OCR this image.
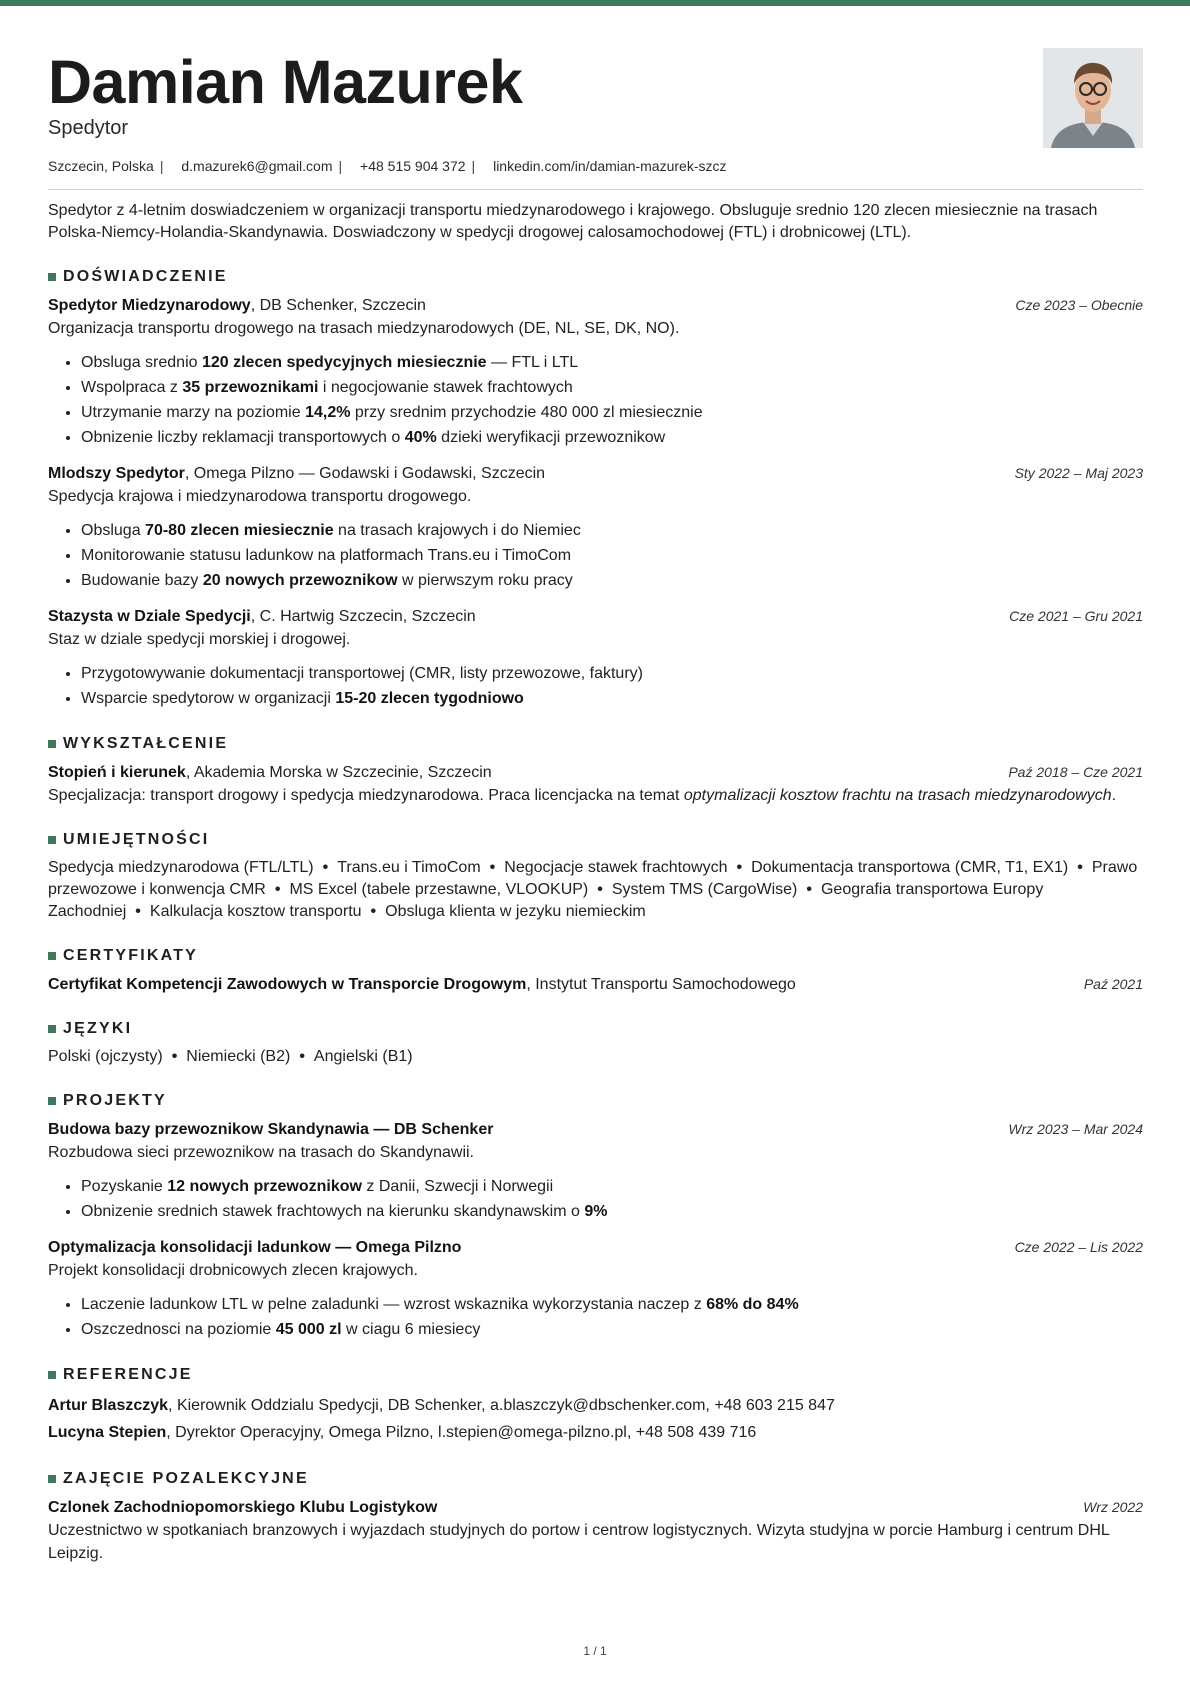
Damian Mazurek
Spedytor
Szczecin, Polska | d.mazurek6@gmail.com | +48 515 904 372 | linkedin.com/in/damian-mazurek-szcz
Spedytor z 4-letnim doswiadczeniem w organizacji transportu miedzynarodowego i krajowego. Obsluguje srednio 120 zlecen miesiecznie na trasach Polska-Niemcy-Holandia-Skandynawia. Doswiadczony w spedycji drogowej calosamochodowej (FTL) i drobnicowej (LTL).
DOŚWIADCZENIE
Spedytor Miedzynarodowy, DB Schenker, Szczecin	Cze 2023 – Obecnie
Organizacja transportu drogowego na trasach miedzynarodowych (DE, NL, SE, DK, NO).
• Obsluga srednio 120 zlecen spedycyjnych miesiecznie — FTL i LTL
• Wspolpraca z 35 przewoznikami i negocjowanie stawek frachtowych
• Utrzymanie marzy na poziomie 14,2% przy srednim przychodzie 480 000 zl miesiecznie
• Obnizenie liczby reklamacji transportowych o 40% dzieki weryfikacji przewoznikow
Mlodszy Spedytor, Omega Pilzno — Godawski i Godawski, Szczecin	Sty 2022 – Maj 2023
Spedycja krajowa i miedzynarodowa transportu drogowego.
• Obsluga 70-80 zlecen miesiecznie na trasach krajowych i do Niemiec
• Monitorowanie statusu ladunkow na platformach Trans.eu i TimoCom
• Budowanie bazy 20 nowych przewoznikow w pierwszym roku pracy
Stazysta w Dziale Spedycji, C. Hartwig Szczecin, Szczecin	Cze 2021 – Gru 2021
Staz w dziale spedycji morskiej i drogowej.
• Przygotowywanie dokumentacji transportowej (CMR, listy przewozowe, faktury)
• Wsparcie spedytorow w organizacji 15-20 zlecen tygodniowo
WYKSZTAŁCENIE
Stopień i kierunek, Akademia Morska w Szczecinie, Szczecin	Paź 2018 – Cze 2021
Specjalizacja: transport drogowy i spedycja miedzynarodowa. Praca licencjacka na temat optymalizacji kosztow frachtu na trasach miedzynarodowych.
UMIEJĘTNOŚCI
Spedycja miedzynarodowa (FTL/LTL) • Trans.eu i TimoCom • Negocjacje stawek frachtowych • Dokumentacja transportowa (CMR, T1, EX1) • Prawo przewozowe i konwencja CMR • MS Excel (tabele przestawne, VLOOKUP) • System TMS (CargoWise) • Geografia transportowa Europy Zachodniej • Kalkulacja kosztow transportu • Obsluga klienta w jezyku niemieckim
CERTYFIKATY
Certyfikat Kompetencji Zawodowych w Transporcie Drogowym, Instytut Transportu Samochodowego	Paź 2021
JĘZYKI
Polski (ojczysty) • Niemiecki (B2) • Angielski (B1)
PROJEKTY
Budowa bazy przewoznikow Skandynawia — DB Schenker	Wrz 2023 – Mar 2024
Rozbudowa sieci przewoznikow na trasach do Skandynawii.
• Pozyskanie 12 nowych przewoznikow z Danii, Szwecji i Norwegii
• Obnizenie srednich stawek frachtowych na kierunku skandynawskim o 9%
Optymalizacja konsolidacji ladunkow — Omega Pilzno	Cze 2022 – Lis 2022
Projekt konsolidacji drobnicowych zlecen krajowych.
• Laczenie ladunkow LTL w pelne zaladunki — wzrost wskaznika wykorzystania naczep z 68% do 84%
• Oszczednosci na poziomie 45 000 zl w ciagu 6 miesiecy
REFERENCJE
Artur Blaszczyk, Kierownik Oddzialu Spedycji, DB Schenker, a.blaszczyk@dbschenker.com, +48 603 215 847
Lucyna Stepien, Dyrektor Operacyjny, Omega Pilzno, l.stepien@omega-pilzno.pl, +48 508 439 716
ZAJĘCIE POZALEKCYJNE
Czlonek Zachodniopomorskiego Klubu Logistykow	Wrz 2022
Uczestnictwo w spotkaniach branzowych i wyjazdach studyjnych do portow i centrow logistycznych. Wizyta studyjna w porcie Hamburg i centrum DHL Leipzig.
1 / 1
